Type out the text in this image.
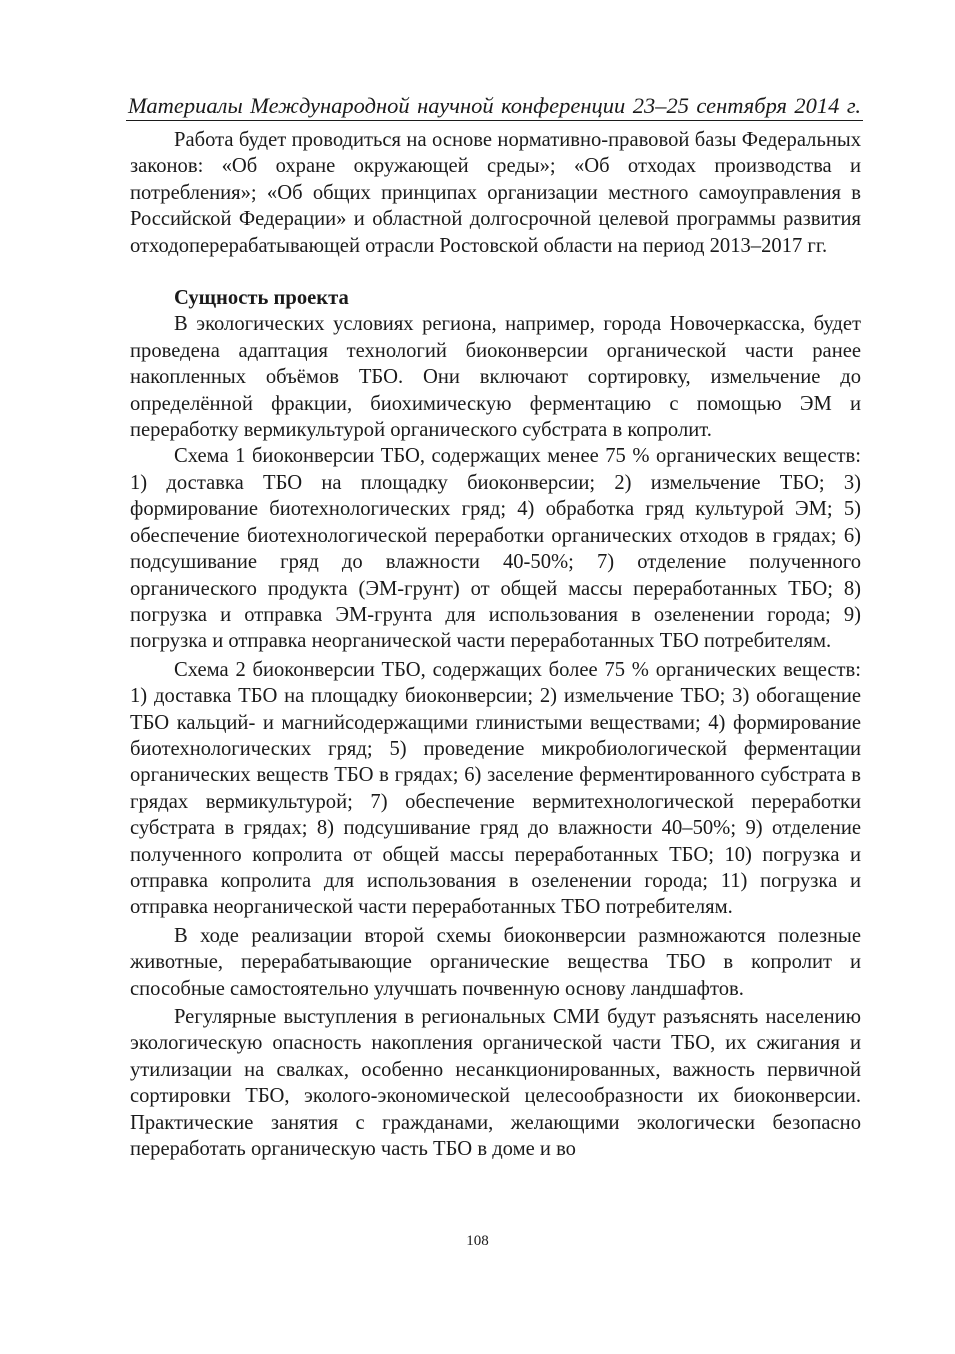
Материалы Международной научной конференции 23–25 сентября 2014 г.

Работа будет проводиться на основе нормативно-правовой базы Федеральных законов: «Об охране окружающей среды»; «Об отходах производства и потребления»; «Об общих принципах организации местного самоуправления в Российской Федерации» и областной долгосрочной целевой программы развития отходоперерабатывающей отрасли Ростовской области на период 2013–2017 гг.

Сущность проекта

В экологических условиях региона, например, города Новочеркасска, будет проведена адаптация технологий биоконверсии органической части ранее накопленных объёмов ТБО. Они включают сортировку, измельчение до определённой фракции, биохимическую ферментацию с помощью ЭМ и переработку вермикультурой органического субстрата в копролит.

Схема 1 биоконверсии ТБО, содержащих менее 75 % органических веществ: 1) доставка ТБО на площадку биоконверсии; 2) измельчение ТБО; 3) формирование биотехнологических гряд; 4) обработка гряд культурой ЭМ; 5) обеспечение биотехнологической переработки органических отходов в грядах; 6) подсушивание гряд до влажности 40-50%; 7) отделение полученного органического продукта (ЭМ-грунт) от общей массы переработанных ТБО; 8) погрузка и отправка ЭМ-грунта для использования в озеленении города; 9) погрузка и отправка неорганической части переработанных ТБО потребителям.

Схема 2 биоконверсии ТБО, содержащих более 75 % органических веществ: 1) доставка ТБО на площадку биоконверсии; 2) измельчение ТБО; 3) обогащение ТБО кальций- и магнийсодержащими глинистыми веществами; 4) формирование биотехнологических гряд; 5) проведение микробиологической ферментации органических веществ ТБО в грядах; 6) заселение ферментированного субстрата в грядах вермикультурой; 7) обеспечение вермитехнологической переработки субстрата в грядах; 8) подсушивание гряд до влажности 40–50%; 9) отделение полученного копролита от общей массы переработанных ТБО; 10) погрузка и отправка копролита для использования в озеленении города; 11) погрузка и отправка неорганической части переработанных ТБО потребителям.

В ходе реализации второй схемы биоконверсии размножаются полезные животные, перерабатывающие органические вещества ТБО в копролит и способные самостоятельно улучшать почвенную основу ландшафтов.

Регулярные выступления в региональных СМИ будут разъяснять населению экологическую опасность накопления органической части ТБО, их сжигания и утилизации на свалках, особенно несанкционированных, важность первичной сортировки ТБО, эколого-экономической целесообразности их биоконверсии. Практические занятия с гражданами, желающими экологически безопасно переработать органическую часть ТБО в доме и во

108
